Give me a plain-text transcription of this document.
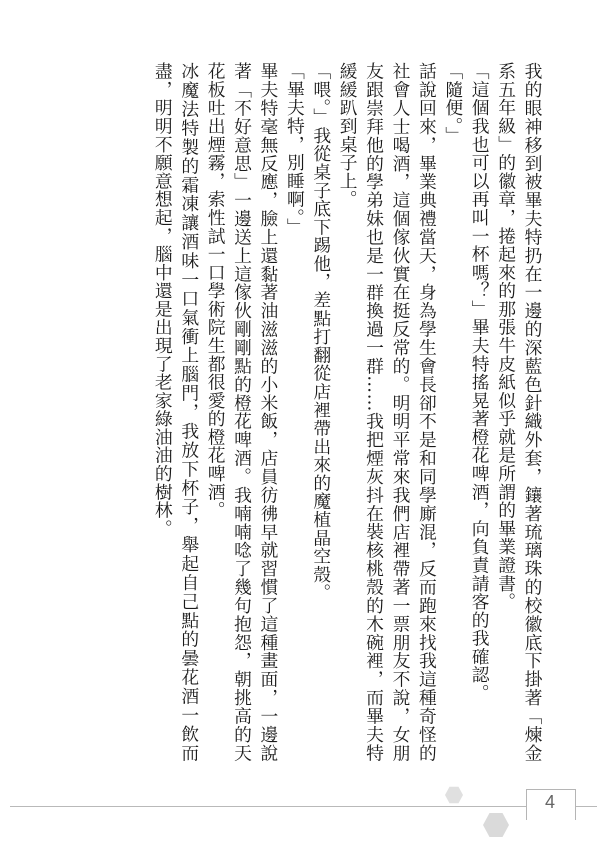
我的眼神移到被畢夫特扔在一邊的深藍色針織外套，鑲著琉璃珠的校徽底下掛著「煉金系五年級」的徽章，捲起來的那張牛皮紙似乎就是所謂的畢業證書。

「這個我也可以再叫一杯嗎？」畢夫特搖晃著橙花啤酒，向負責請客的我確認。

「隨便。」

話說回來，畢業典禮當天，身為學生會長卻不是和同學廝混，反而跑來找我這種奇怪的社會人士喝酒，這個傢伙實在挺反常的。明明平常來我們店裡帶著一票朋友不說，女朋友跟崇拜他的學弟妹也是一群換過一群……我把煙灰抖在裝核桃殼的木碗裡，而畢夫特緩緩趴到桌子上。

「喂。」我從桌子底下踢他，差點打翻從店裡帶出來的魔植晶空殼。

「畢夫特，別睡啊。」

畢夫特毫無反應，臉上還黏著油滋滋的小米飯，店員彷彿早就習慣了這種畫面，一邊說著「不好意思」一邊送上這傢伙剛剛點的橙花啤酒。我喃喃唸了幾句抱怨，朝挑高的天花板吐出煙霧，索性試一口學術院生都很愛的橙花啤酒。

冰魔法特製的霜凍讓酒味一口氣衝上腦門，我放下杯子，舉起自己點的曇花酒一飲而盡，明明不願意想起，腦中還是出現了老家綠油油的樹林。

4
